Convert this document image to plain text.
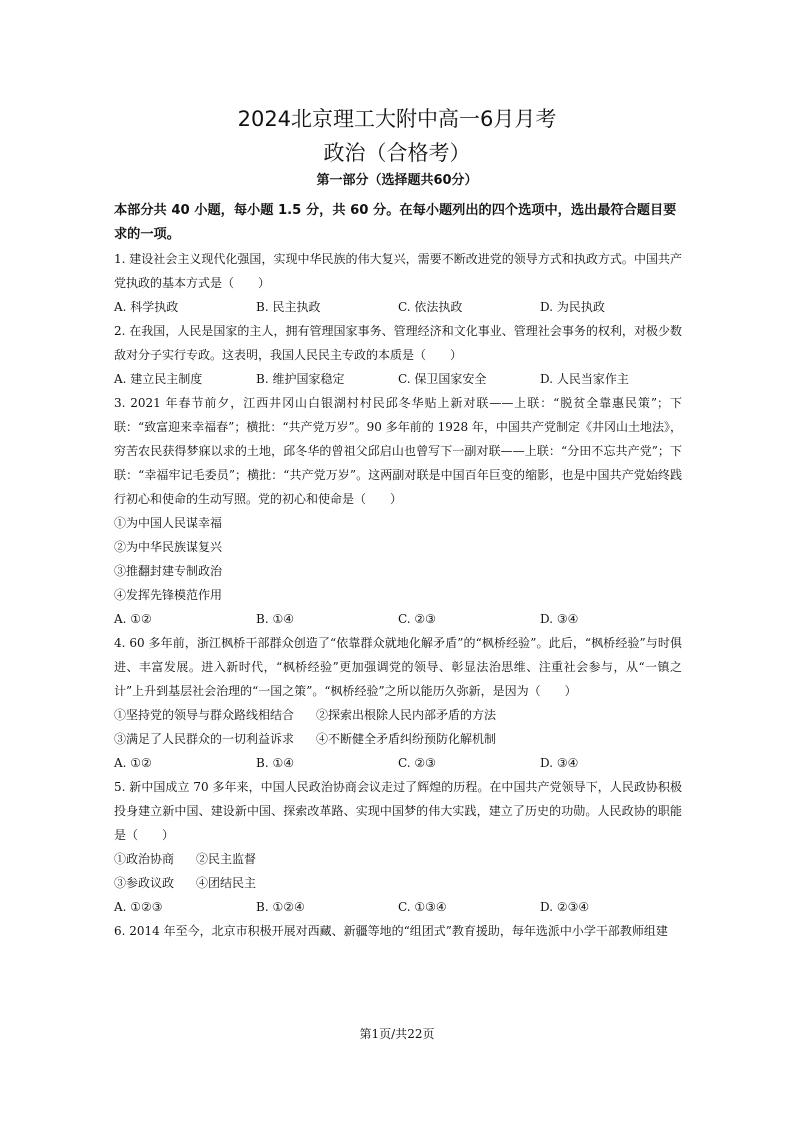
2024北京理工大附中高一6月月考
政治（合格考）
第一部分（选择题共60分）

本部分共 40 小题，每小题 1.5 分，共 60 分。在每小题列出的四个选项中，选出最符合题目要求的一项。

1. 建设社会主义现代化强国，实现中华民族的伟大复兴，需要不断改进党的领导方式和执政方式。中国共产党执政的基本方式是（　　）

A. 科学执政	B. 民主执政	C. 依法执政	D. 为民执政

2. 在我国，人民是国家的主人，拥有管理国家事务、管理经济和文化事业、管理社会事务的权利，对极少数敌对分子实行专政。这表明，我国人民民主专政的本质是（　　）

A. 建立民主制度	B. 维护国家稳定	C. 保卫国家安全	D. 人民当家作主

3. 2021 年春节前夕，江西井冈山白银湖村村民邱冬华贴上新对联——上联：“脱贫全靠惠民策”；下联：“致富迎来幸福春”；横批：“共产党万岁”。90 多年前的 1928 年，中国共产党制定《井冈山土地法》，穷苦农民获得梦寐以求的土地，邱冬华的曾祖父邱启山也曾写下一副对联——上联：“分田不忘共产党”；下联：“幸福牢记毛委员”；横批：“共产党万岁”。这两副对联是中国百年巨变的缩影，也是中国共产党始终践行初心和使命的生动写照。党的初心和使命是（　　）

①为中国人民谋幸福

②为中华民族谋复兴

③推翻封建专制政治

④发挥先锋模范作用

A. ①②	B. ①④	C. ②③	D. ③④

4. 60 多年前，浙江枫桥干部群众创造了“依靠群众就地化解矛盾”的“枫桥经验”。此后，“枫桥经验”与时俱进、丰富发展。进入新时代，“枫桥经验”更加强调党的领导、彰显法治思维、注重社会参与，从“一镇之计”上升到基层社会治理的“一国之策”。“枫桥经验”之所以能历久弥新，是因为（　　）

①坚持党的领导与群众路线相结合 ②探索出根除人民内部矛盾的方法
③满足了人民群众的一切利益诉求 ④不断健全矛盾纠纷预防化解机制
A. ①②	B. ①④	C. ②③	D. ③④

5. 新中国成立 70 多年来，中国人民政治协商会议走过了辉煌的历程。在中国共产党领导下，人民政协积极投身建立新中国、建设新中国、探索改革路、实现中国梦的伟大实践，建立了历史的功勋。人民政协的职能是（　　）

①政治协商 ②民主监督
③参政议政 ④团结民主
A. ①②③	B. ①②④	C. ①③④	D. ②③④

6. 2014 年至今，北京市积极开展对西藏、新疆等地的“组团式”教育援助，每年选派中小学干部教师组建

第1页/共22页
